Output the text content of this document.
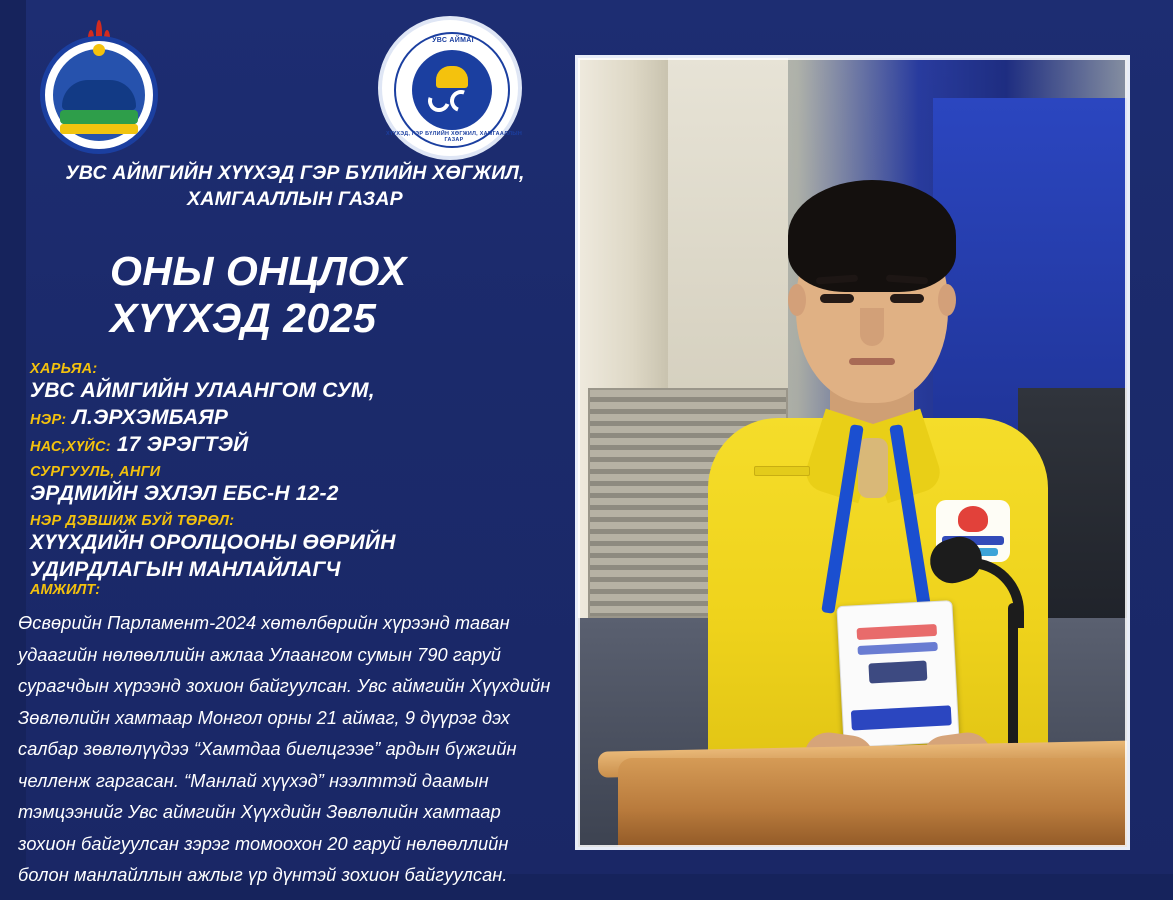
УВС АЙМАГ
ХҮҮХЭД, ГЭР БҮЛИЙН ХӨГЖИЛ, ХАМГААЛЛЫН ГАЗАР
УВС АЙМГИЙН ХҮҮХЭД ГЭР БҮЛИЙН ХӨГЖИЛ, ХАМГААЛЛЫН ГАЗАР
ОНЫ ОНЦЛОХ ХҮҮХЭД 2025
ХАРЬЯА:
УВС АЙМГИЙН УЛААНГОМ СУМ,
НЭР: Л.ЭРХЭМБАЯР
НАС,ХҮЙС: 17 ЭРЭГТЭЙ
СУРГУУЛЬ, АНГИ
ЭРДМИЙН ЭХЛЭЛ ЕБС-Н 12-2
НЭР ДЭВШИЖ БУЙ ТӨРӨЛ:
ХҮҮХДИЙН ОРОЛЦООНЫ ӨӨРИЙН УДИРДЛАГЫН МАНЛАЙЛАГЧ
АМЖИЛТ:
Өсвөрийн Парламент-2024 хөтөлбөрийн хүрээнд таван удаагийн нөлөөллийн ажлаа Улаангом сумын 790 гаруй сурагчдын хүрээнд зохион байгуулсан. Увс аймгийн Хүүхдийн Зөвлөлийн хамтаар Монгол орны 21 аймаг, 9 дүүрэг дэх салбар зөвлөлүүдээ “Хамтдаа биелцгээе” ардын бүжгийн челленж гаргасан. “Манлай хүүхэд” нээлттэй даамын тэмцээнийг Увс аймгийн Хүүхдийн Зөвлөлийн хамтаар зохион байгуулсан зэрэг томоохон 20 гаруй нөлөөллийн болон манлайллын ажлыг үр дүнтэй зохион байгуулсан.
